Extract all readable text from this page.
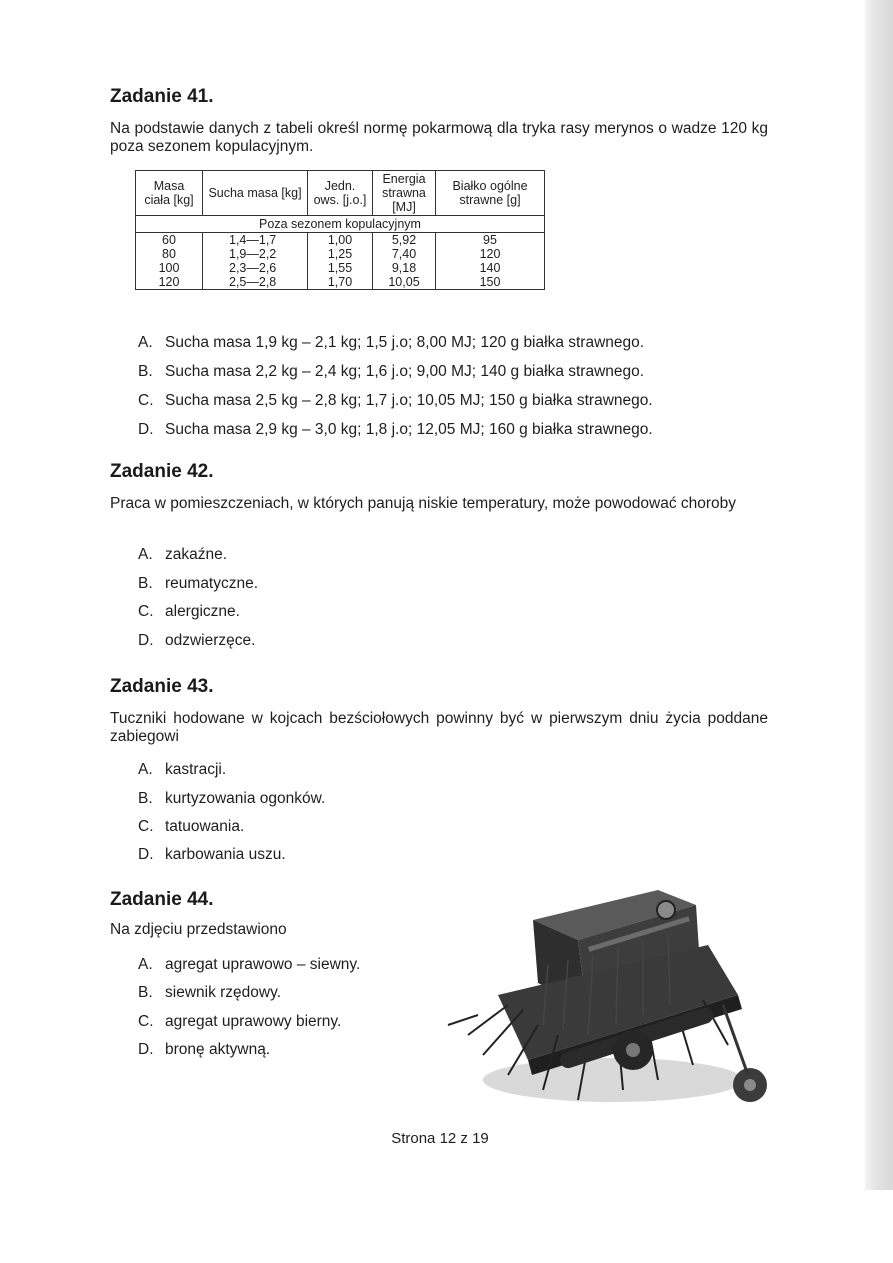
Zadanie 41.
Na podstawie danych z tabeli określ normę pokarmową dla tryka rasy merynos o wadze 120 kg poza sezonem kopulacyjnym.
Masa ciała [kg]	Sucha masa [kg]	Jedn. ows. [j.o.]	Energia strawna [MJ]	Białko ogólne strawne [g]
Poza sezonem kopulacyjnym				
60	1,4—1,7	1,00	5,92	95
80	1,9—2,2	1,25	7,40	120
100	2,3—2,6	1,55	9,18	140
120	2,5—2,8	1,70	10,05	150
A. Sucha masa 1,9 kg – 2,1 kg; 1,5 j.o; 8,00 MJ; 120 g białka strawnego.
B. Sucha masa 2,2 kg – 2,4 kg; 1,6 j.o; 9,00 MJ; 140 g białka strawnego.
C. Sucha masa 2,5 kg – 2,8 kg; 1,7 j.o; 10,05 MJ; 150 g białka strawnego.
D. Sucha masa 2,9 kg – 3,0 kg; 1,8 j.o; 12,05 MJ; 160 g białka strawnego.
Zadanie 42.
Praca w pomieszczeniach, w których panują niskie temperatury, może powodować choroby
A. zakaźne.
B. reumatyczne.
C. alergiczne.
D. odzwierzęce.
Zadanie 43.
Tuczniki hodowane w kojcach bezściołowych powinny być w pierwszym dniu życia poddane zabiegowi
A. kastracji.
B. kurtyzowania ogonków.
C. tatuowania.
D. karbowania uszu.
Zadanie 44.
Na zdjęciu przedstawiono
A. agregat uprawowo – siewny.
B. siewnik rzędowy.
C. agregat uprawowy bierny.
D. bronę aktywną.
Strona 12 z 19
